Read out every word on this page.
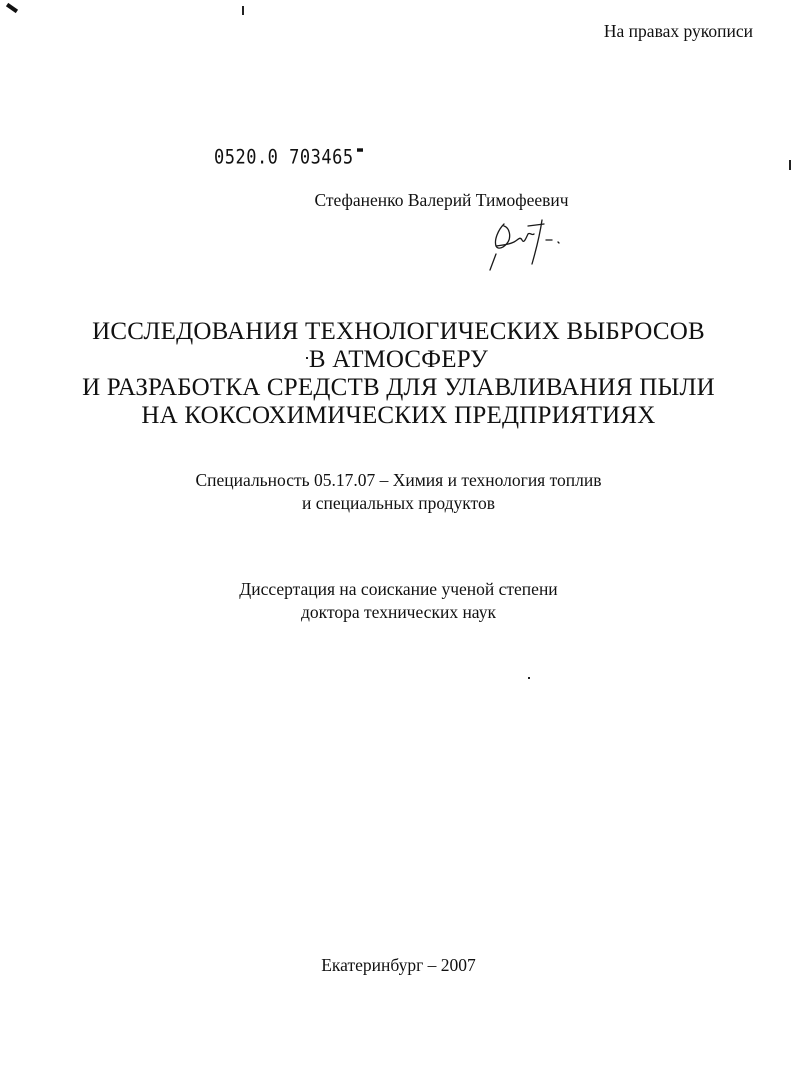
На правах рукописи
0520.0 703465
Стефаненко Валерий Тимофеевич
ИССЛЕДОВАНИЯ ТЕХНОЛОГИЧЕСКИХ ВЫБРОСОВ
В АТМОСФЕРУ
И РАЗРАБОТКА СРЕДСТВ ДЛЯ УЛАВЛИВАНИЯ ПЫЛИ
НА КОКСОХИМИЧЕСКИХ ПРЕДПРИЯТИЯХ
Специальность 05.17.07 – Химия и технология топлив
и специальных продуктов
Диссертация на соискание ученой степени
доктора технических наук
Екатеринбург – 2007
